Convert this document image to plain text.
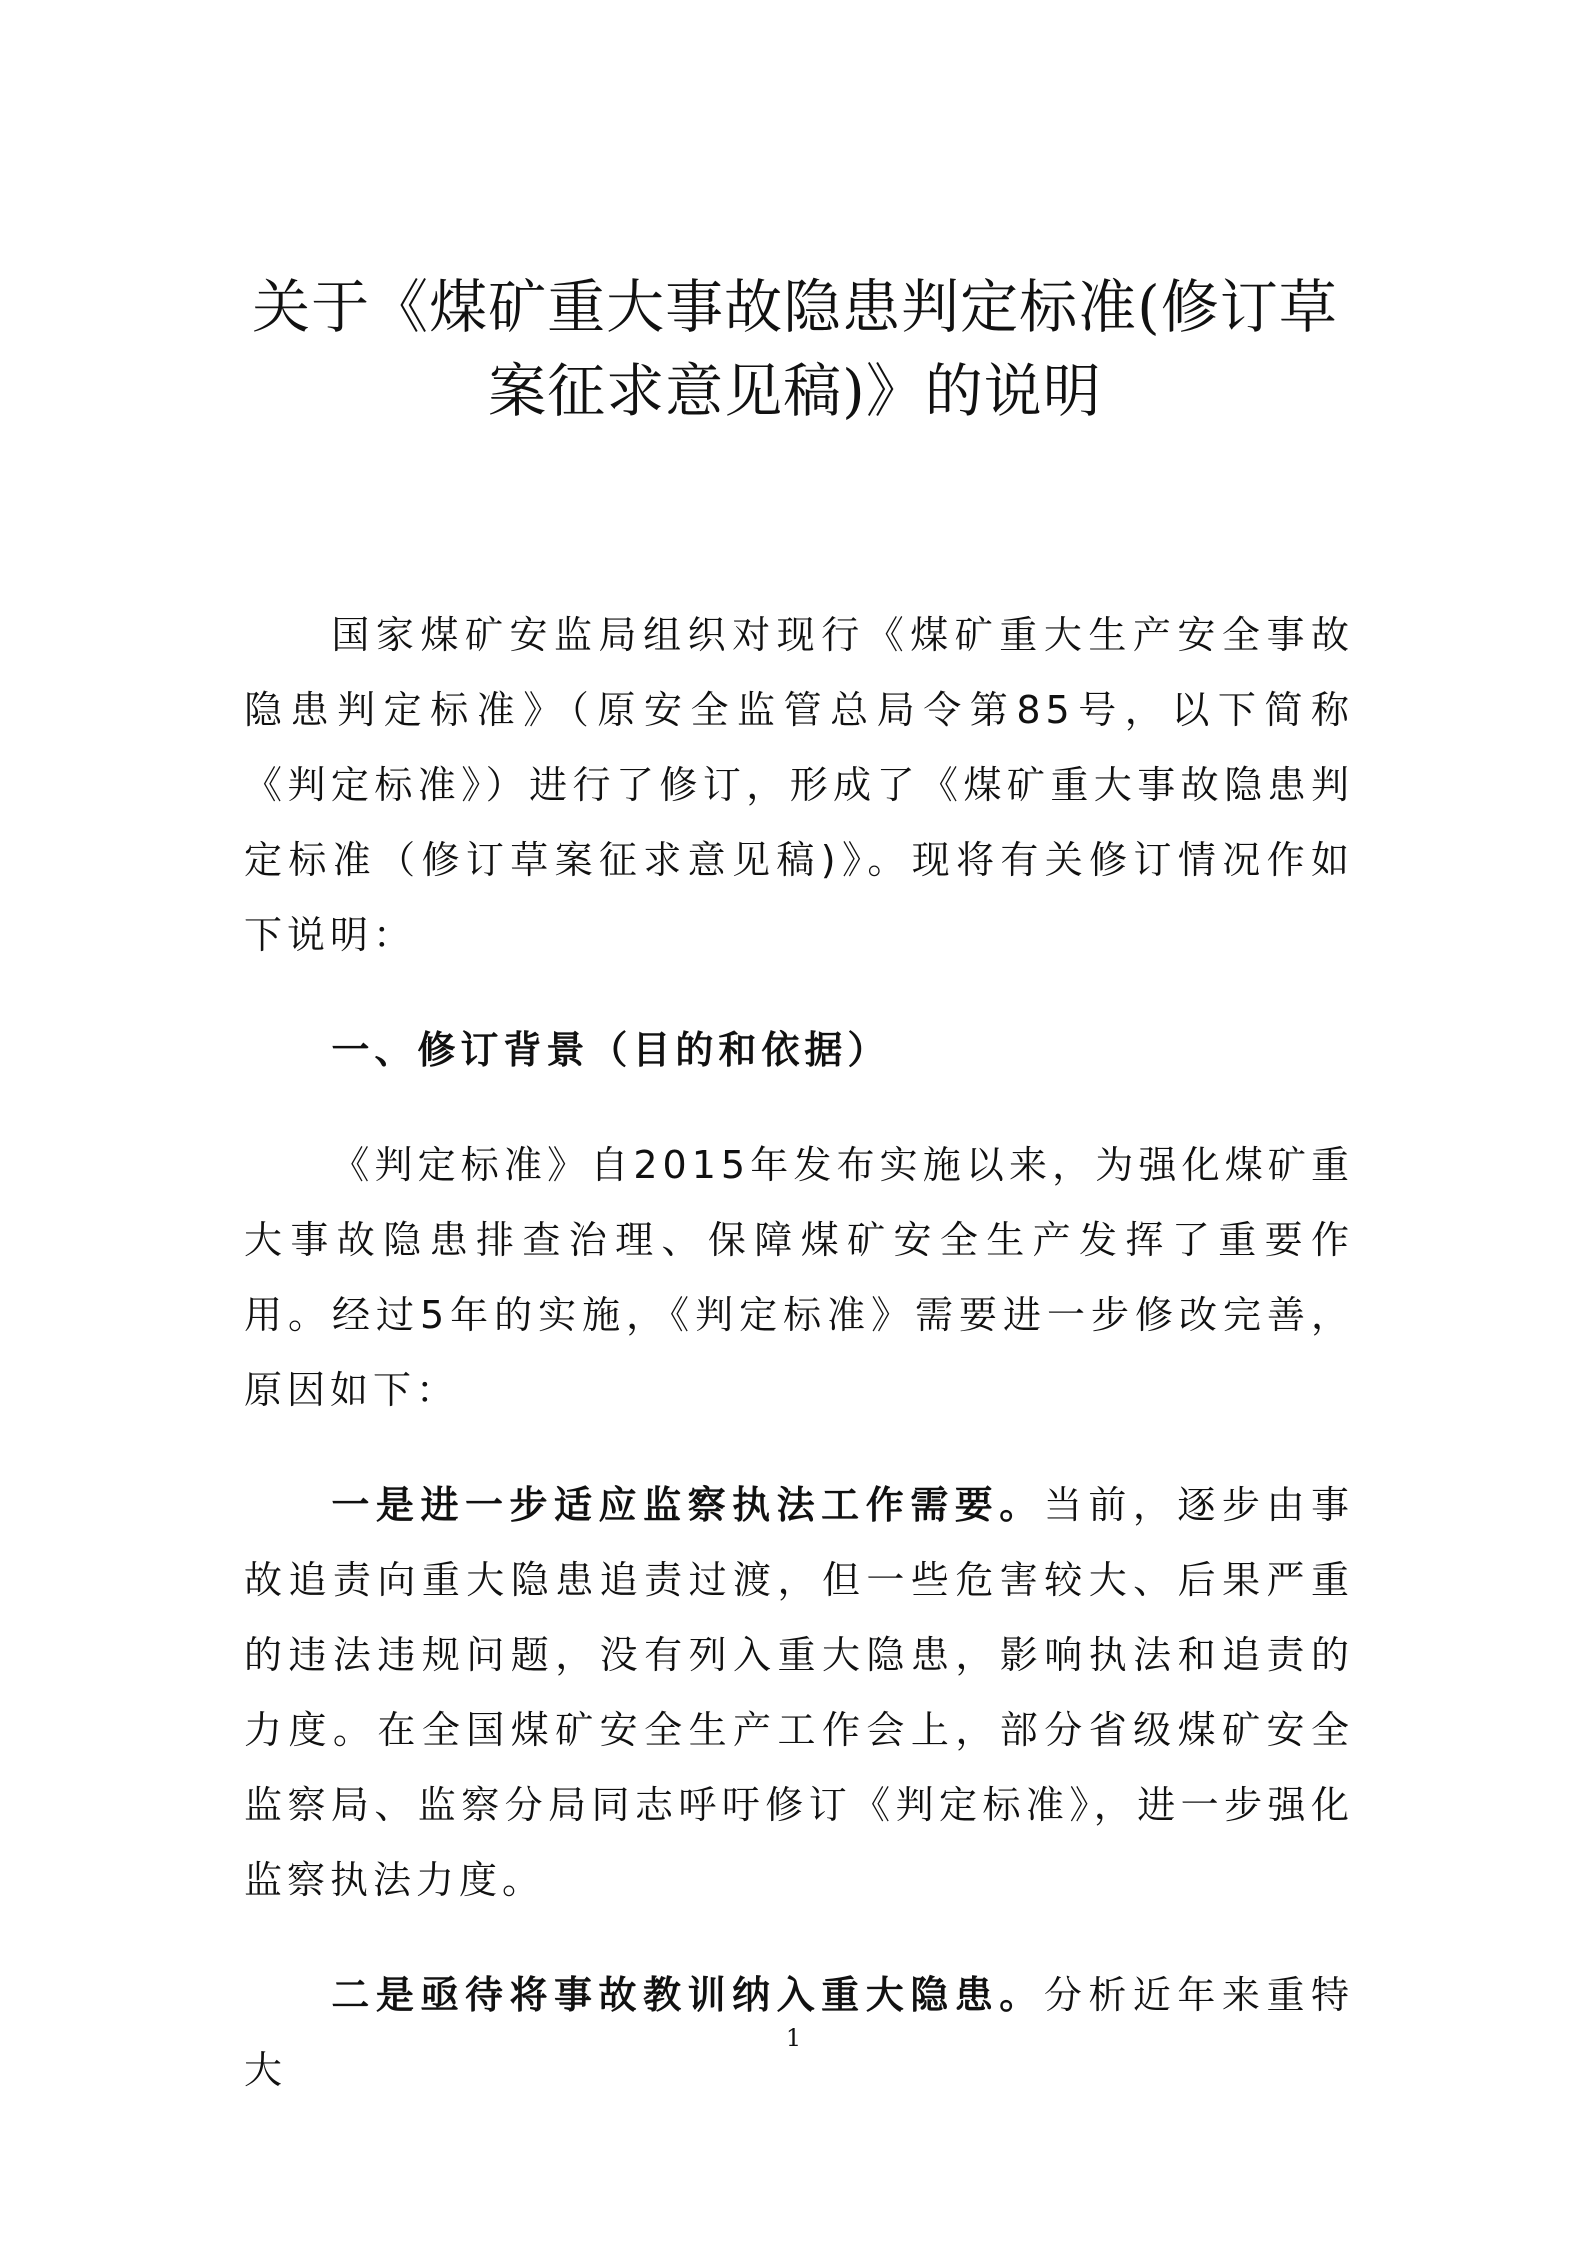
关于《煤矿重大事故隐患判定标准(修订草
案征求意见稿)》的说明

国家煤矿安监局组织对现行《煤矿重大生产安全事故隐患判定标准》（原安全监管总局令第85号，以下简称《判定标准》）进行了修订，形成了《煤矿重大事故隐患判定标准（修订草案征求意见稿)》。现将有关修订情况作如下说明：

一、修订背景（目的和依据）

《判定标准》自2015年发布实施以来，为强化煤矿重大事故隐患排查治理、保障煤矿安全生产发挥了重要作用。经过5年的实施，《判定标准》需要进一步修改完善，原因如下：

一是进一步适应监察执法工作需要。当前，逐步由事故追责向重大隐患追责过渡，但一些危害较大、后果严重的违法违规问题，没有列入重大隐患，影响执法和追责的力度。在全国煤矿安全生产工作会上，部分省级煤矿安全监察局、监察分局同志呼吁修订《判定标准》，进一步强化监察执法力度。

二是亟待将事故教训纳入重大隐患。分析近年来重特大

1
